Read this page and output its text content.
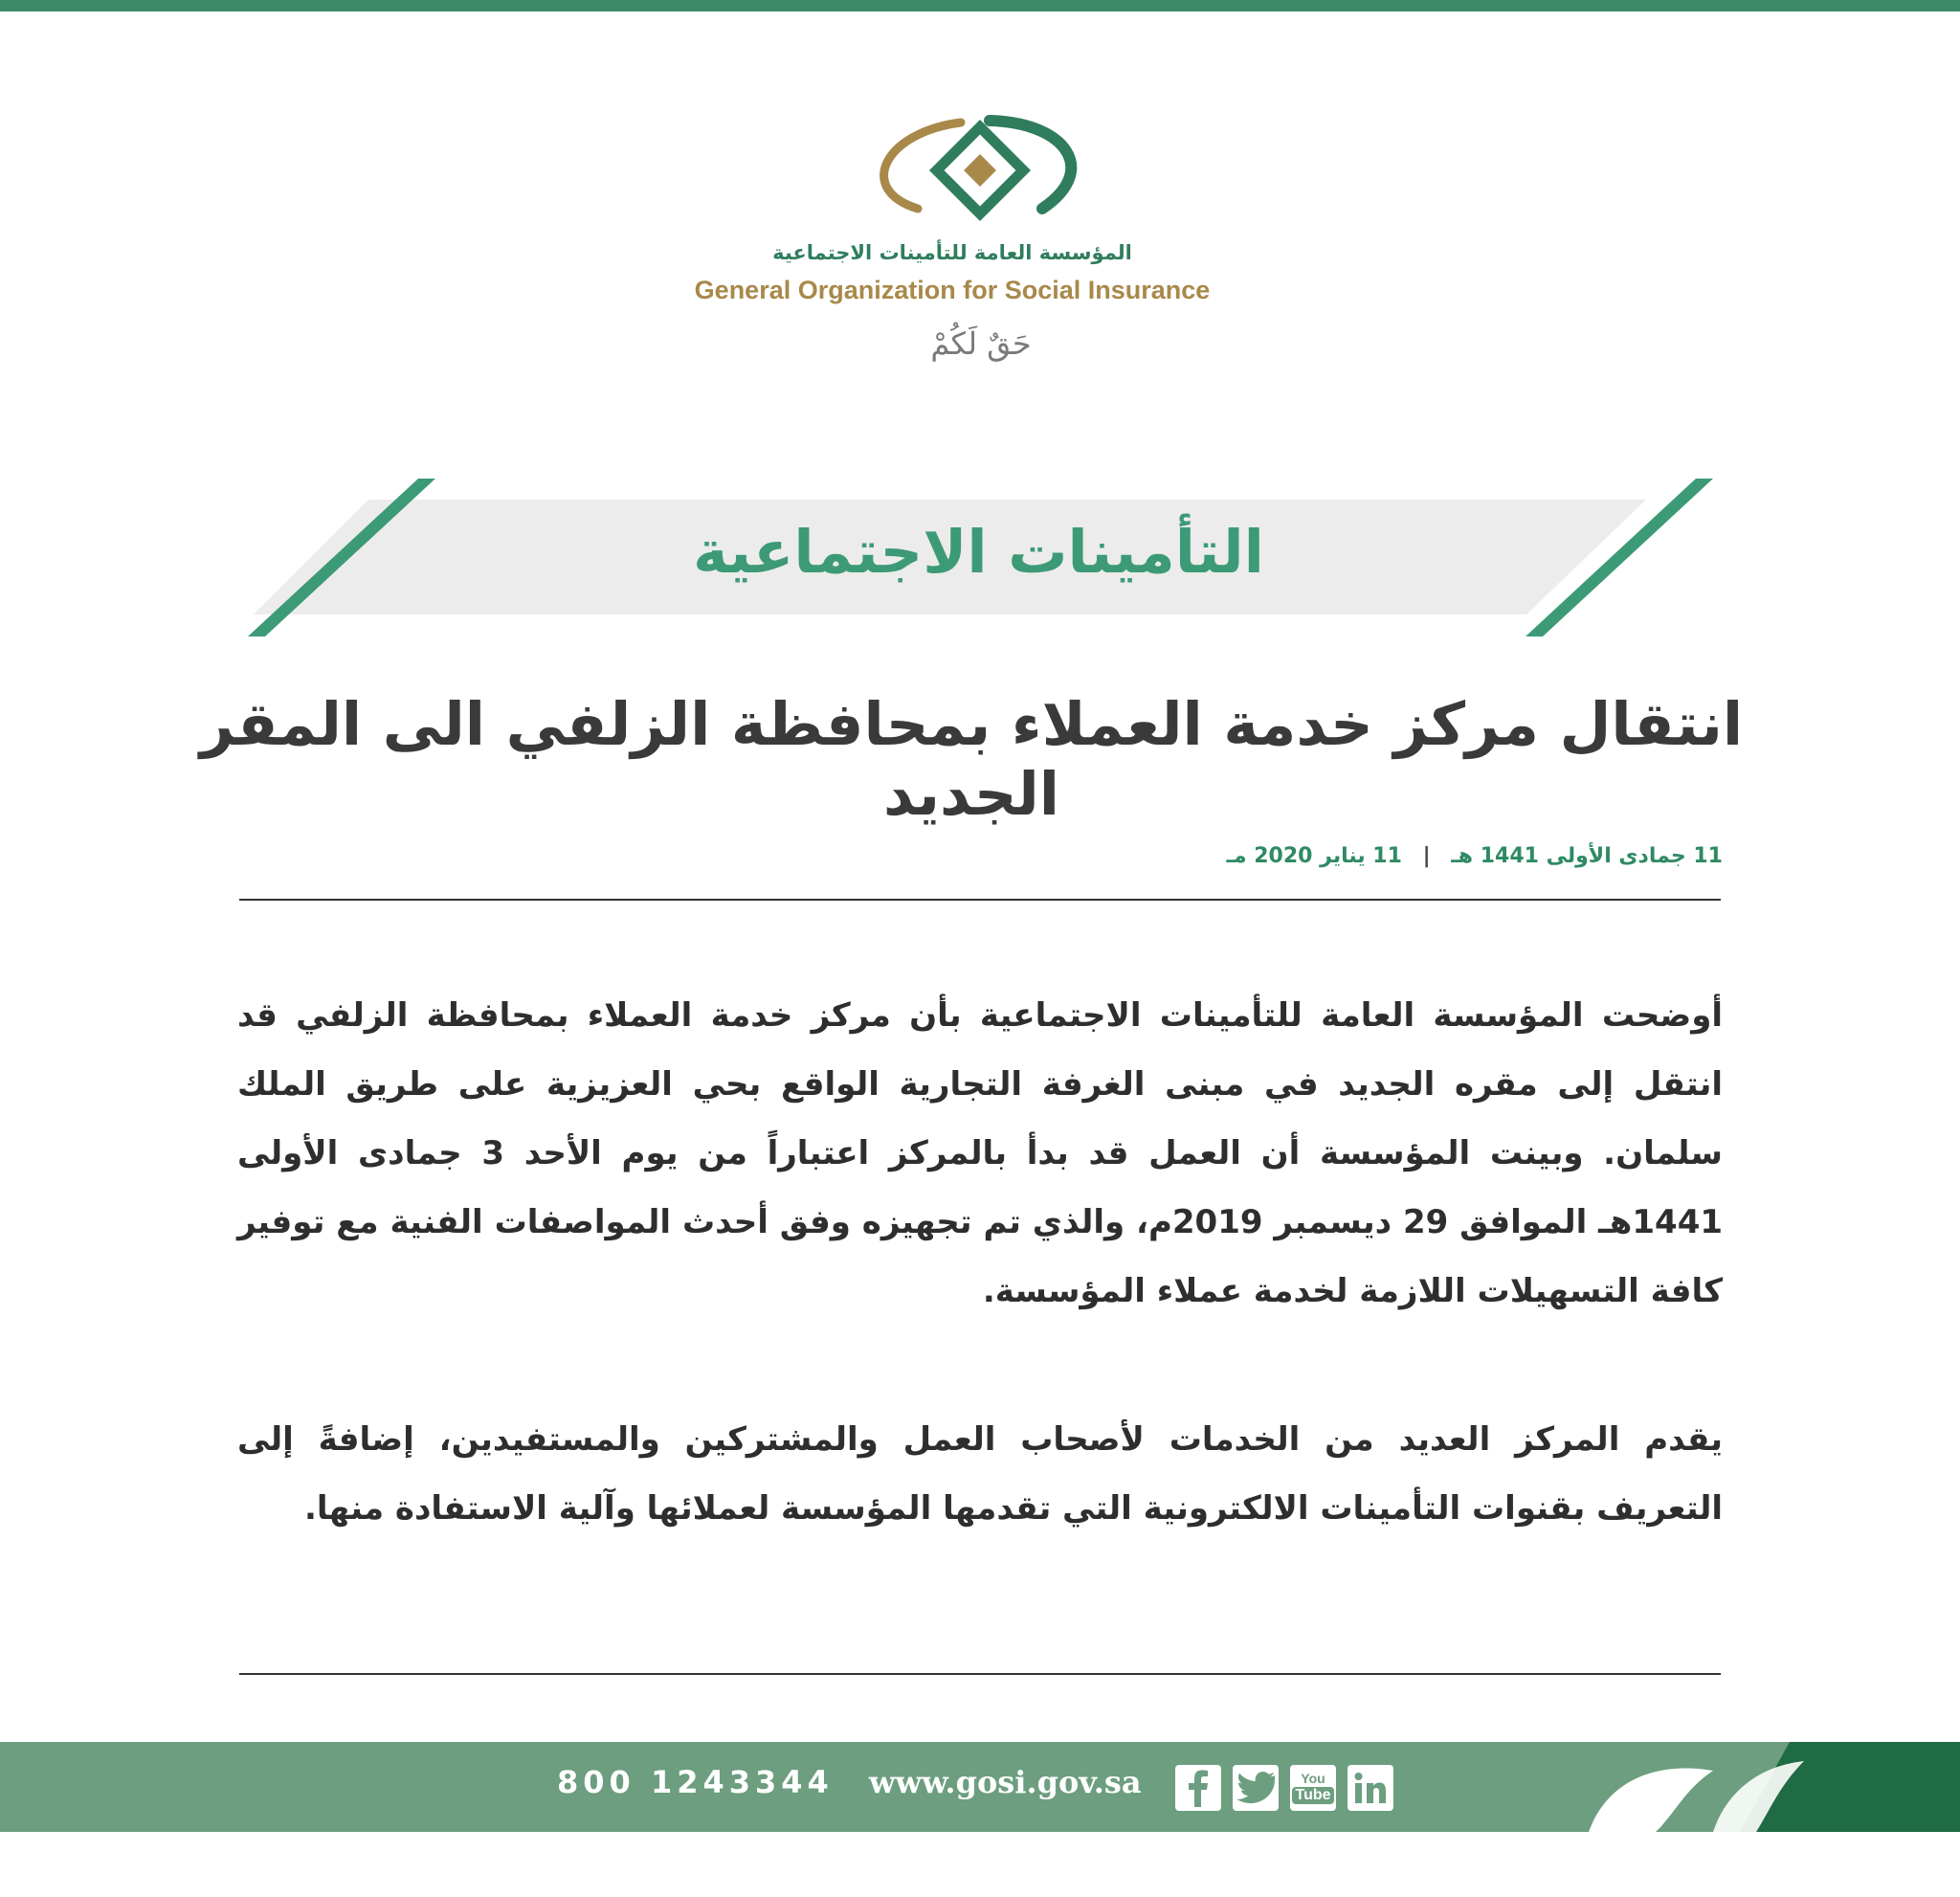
المؤسسة العامة للتأمينات الاجتماعية
General Organization for Social Insurance
حَقٌ لَكُمْ
التأمينات الاجتماعية
انتقال مركز خدمة العملاء بمحافظة الزلفي الى المقر الجديد
11 جمادى الأولى 1441 هـ | 11 يناير 2020 مـ

أوضحت المؤسسة العامة للتأمينات الاجتماعية بأن مركز خدمة العملاء بمحافظة الزلفي قد انتقل إلى مقره الجديد في مبنى الغرفة التجارية الواقع بحي العزيزية على طريق الملك سلمان. وبينت المؤسسة أن العمل قد بدأ بالمركز اعتباراً من يوم الأحد 3 جمادى الأولى 1441هـ الموافق 29 ديسمبر 2019م، والذي تم تجهيزه وفق أحدث المواصفات الفنية مع توفير كافة التسهيلات اللازمة لخدمة عملاء المؤسسة.

يقدم المركز العديد من الخدمات لأصحاب العمل والمشتركين والمستفيدين، إضافةً إلى التعريف بقنوات التأمينات الالكترونية التي تقدمها المؤسسة لعملائها وآلية الاستفادة منها.

800 1243344 www.gosi.gov.sa	You
Tube
